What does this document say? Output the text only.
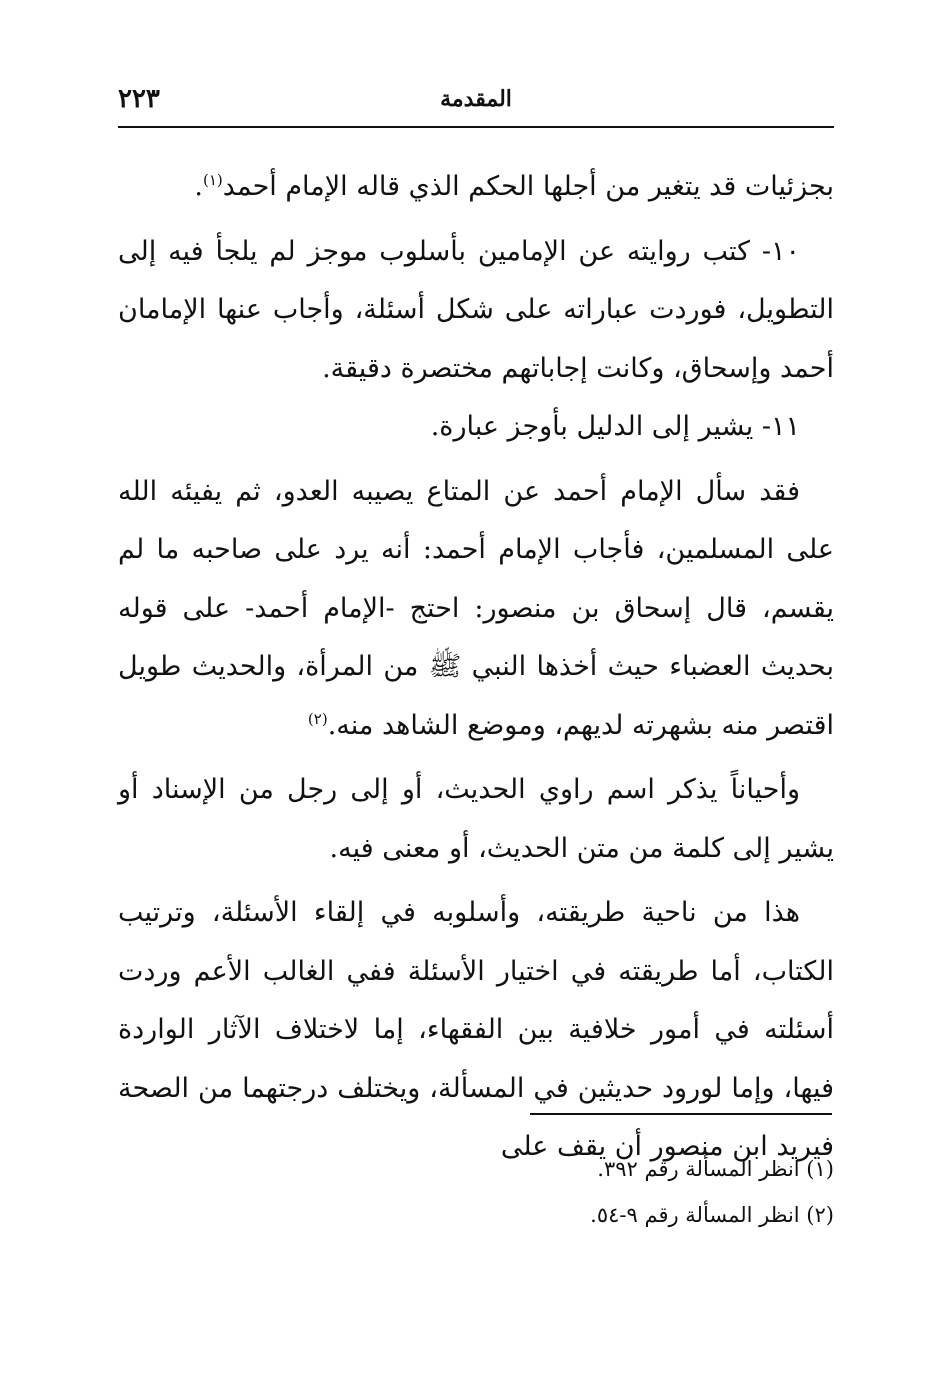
المقدمة
٢٢٣

بجزئيات قد يتغير من أجلها الحكم الذي قاله الإمام أحمد$^{(١)}$.

١٠- كتب روايته عن الإمامين بأسلوب موجز لم يلجأ فيه إلى التطويل، فوردت عباراته على شكل أسئلة، وأجاب عنها الإمامان أحمد وإسحاق، وكانت إجاباتهم مختصرة دقيقة.

١١- يشير إلى الدليل بأوجز عبارة.

فقد سأل الإمام أحمد عن المتاع يصيبه العدو، ثم يفيئه الله على المسلمين، فأجاب الإمام أحمد: أنه يرد على صاحبه ما لم يقسم، قال إسحاق بن منصور: احتج -الإمام أحمد- على قوله بحديث العضباء حيث أخذها النبي ﷺ من المرأة، والحديث طويل اقتصر منه بشهرته لديهم، وموضع الشاهد منه.$^{(٢)}$

وأحياناً يذكر اسم راوي الحديث، أو إلى رجل من الإسناد أو يشير إلى كلمة من متن الحديث، أو معنى فيه.

هذا من ناحية طريقته، وأسلوبه في إلقاء الأسئلة، وترتيب الكتاب، أما طريقته في اختيار الأسئلة ففي الغالب الأعم وردت أسئلته في أمور خلافية بين الفقهاء، إما لاختلاف الآثار الواردة فيها، وإما لورود حديثين في المسألة، ويختلف درجتهما من الصحة فيريد ابن منصور أن يقف على

(١) انظر المسألة رقم ٣٩٢.
(٢) انظر المسألة رقم ٩-٥٤.
